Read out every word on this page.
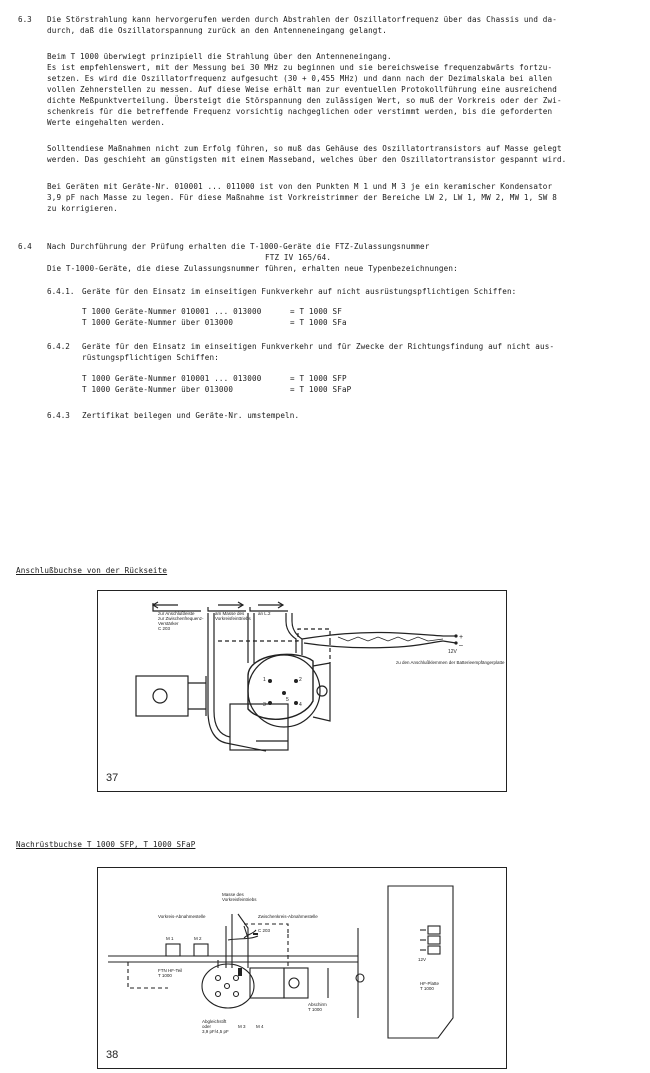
6.3 Die Störstrahlung kann hervorgerufen werden durch Abstrahlen der Oszillatorfrequenz über das Chassis und da-
durch, daß die Oszillatorspannung zurück an den Antenneneingang gelangt.
Beim T 1000 überwiegt prinzipiell die Strahlung über den Antenneneingang.
Es ist empfehlenswert, mit der Messung bei 30 MHz zu beginnen und sie bereichsweise frequenzabwärts fortzu-
setzen. Es wird die Oszillatorfrequenz aufgesucht (30 + 0,455 MHz) und dann nach der Dezimalskala bei allen
vollen Zehnerstellen zu messen. Auf diese Weise erhält man zur eventuellen Protokollführung eine ausreichend
dichte Meßpunktverteilung. Übersteigt die Störspannung den zulässigen Wert, so muß der Vorkreis oder der Zwi-
schenkreis für die betreffende Frequenz vorsichtig nachgeglichen oder verstimmt werden, bis die geforderten
Werte eingehalten werden.
Solltendiese Maßnahmen nicht zum Erfolg führen, so muß das Gehäuse des Oszillatortransistors auf Masse gelegt
werden. Das geschieht am günstigsten mit einem Masseband, welches über den Oszillatortransistor gespannt wird.
Bei Geräten mit Geräte-Nr. 010001 ... 011000 ist von den Punkten M 1 und M 3 je ein keramischer Kondensator
3,9 pF nach Masse zu legen. Für diese Maßnahme ist Vorkreistrimmer der Bereiche LW 2, LW 1, MW 2, MW 1, SW 8
zu korrigieren.
6.4 Nach Durchführung der Prüfung erhalten die T-1000-Geräte die FTZ-Zulassungsnummer
FTZ IV 165/64.
Die T-1000-Geräte, die diese Zulassungsnummer führen, erhalten neue Typenbezeichnungen:
6.4.1. Geräte für den Einsatz im einseitigen Funkverkehr auf nicht ausrüstungspflichtigen Schiffen:
T 1000 Geräte-Nummer 010001 ... 013000	= T 1000 SF
T 1000 Geräte-Nummer über 013000	= T 1000 SFa
6.4.2 Geräte für den Einsatz im einseitigen Funkverkehr und für Zwecke der Richtungsfindung auf nicht aus-
rüstungspflichtigen Schiffen:
T 1000 Geräte-Nummer 010001 ... 013000	= T 1000 SFP
T 1000 Geräte-Nummer über 013000	= T 1000 SFaP
6.4.3 Zertifikat beilegen und Geräte-Nr. umstempeln.
Anschlußbuchse von der Rückseite
zur Anschlußleiste
zur Zwischenfrequenz-
Verstärker
C 203
am Masse des
Vorkreisfeinttriebs
an L.2
zu den Anschlußklemmen der Batterieempfängerplatte
+
–
12V
1	2
3	4
5
37
Nachrüstbuchse T 1000 SFP, T 1000 SFaP
Masse des
Vorkreisfeintriebs
Vorkreis-Abnahmestelle	Zwischenkreis-Abnahmestelle
C 203
M 1	M 2
M 3 M 4
FTN HF-Teil
T 1000
Abschirm
T 1000
Abgleichstift
oder
3,9 pF/4,5 pF
12V
HF-Platte
T 1000
38
